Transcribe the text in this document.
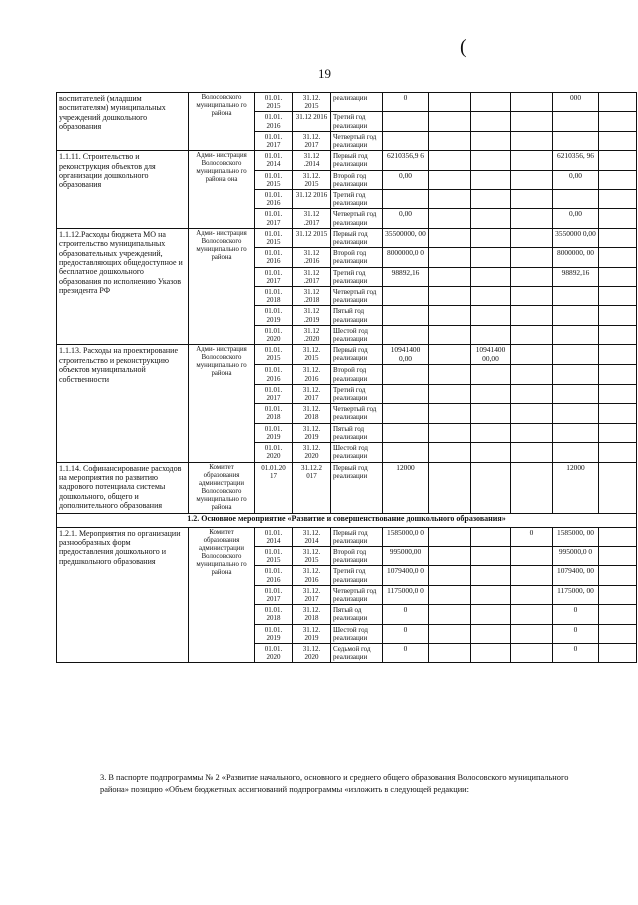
(
19
воспитателей (младшим воспитателям) муниципальных учреждений дошкольного образования	Волосовского муниципально го района	01.01. 2015	31.12. 2015	реализации	0				000	
		01.01. 2016	31.12 2016	Третий год реализации						
		01.01. 2017	31.12. 2017	Четвертый год реализации						
1.1.11. Строительство и реконструкция объектов для организации дошкольного образования	Адми- нистрация Волосовского муниципально го района она	01.01. 2014	31.12 .2014	Первый год реализации	6210356,9 6				6210356, 96	
		01.01. 2015	31.12. 2015	Второй год реализации	0,00				0,00	
		01.01. 2016	31.12 2016	Третий год реализации						
		01.01. 2017	31.12 .2017	Четвертый год реализации	0,00				0,00	
1.1.12.Расходы бюджета МО на строительство муниципальных образовательных учреждений, предоставляющих общедоступное и бесплатное дошкольного образования по исполнению Указов президента РФ	Адми- нистрация Волосовского муниципально го района	01.01. 2015	31.12 2015	Первый год реализации	35500000, 00				3550000 0,00	
		01.01. 2016	31.12 .2016	Второй год реализации	8000000,0 0				8000000, 00	
		01.01. 2017	31.12 .2017	Третий год реализации	98892,16				98892,16	
		01.01. 2018	31.12 .2018	Четвертый год реализации						
		01.01. 2019	31.12 .2019	Пятый год реализации						
		01.01. 2020	31.12 .2020	Шестой год реализации						
1.1.13. Расходы на проектирование строительство и реконструкцию объектов муниципальной собственности	Адми- нистрация Волосовского муниципально го района	01.01. 2015	31.12. 2015	Первый год реализации	10941400 0,00		10941400 00,00			
		01.01. 2016	31.12. 2016	Второй год реализации						
		01.01. 2017	31.12. 2017	Третий год реализации						
		01.01. 2018	31.12. 2018	Четвертый год реализации						
		01.01. 2019	31.12. 2019	Пятый год реализации						
		01.01. 2020	31.12. 2020	Шестой год реализации						
1.1.14. Софинансирование расходов на мероприятия по развитию кадрового потенциала системы дошкольного, общего и дополнительного образования	Комитет образования администрации Волосовского муниципально го района	01.01.20 17	31.12.2 017	Первый год реализации	12000				12000	
1.2. Основное мероприятие «Развитие и совершенствование дошкольного образования»										
1.2.1. Мероприятия по организации разнообразных форм предоставления дошкольного и предшкольного образования	Комитет образования администрации Волосовского муниципально го района	01.01. 2014	31.12. 2014	Первый год реализации	1585000,0 0			0	1585000, 00	
		01.01. 2015	31.12. 2015	Второй год реализации	995000,00				995000,0 0	
		01.01. 2016	31.12. 2016	Третий год реализации	1079400,0 0				1079400, 00	
		01.01. 2017	31.12. 2017	Четвертый год реализации	1175000,0 0				1175000, 00	
		01.01. 2018	31.12. 2018	Пятый од реализации	0				0	
		01.01. 2019	31.12. 2019	Шестой год реализации	0				0	
		01.01. 2020	31.12. 2020	Седьмой год реализации	0				0	
3. В паспорте подпрограммы № 2 «Развитие начального, основного и среднего общего образования Волосовского муниципального района» позицию «Объем бюджетных ассигнований подпрограммы «изложить в следующей редакции:
